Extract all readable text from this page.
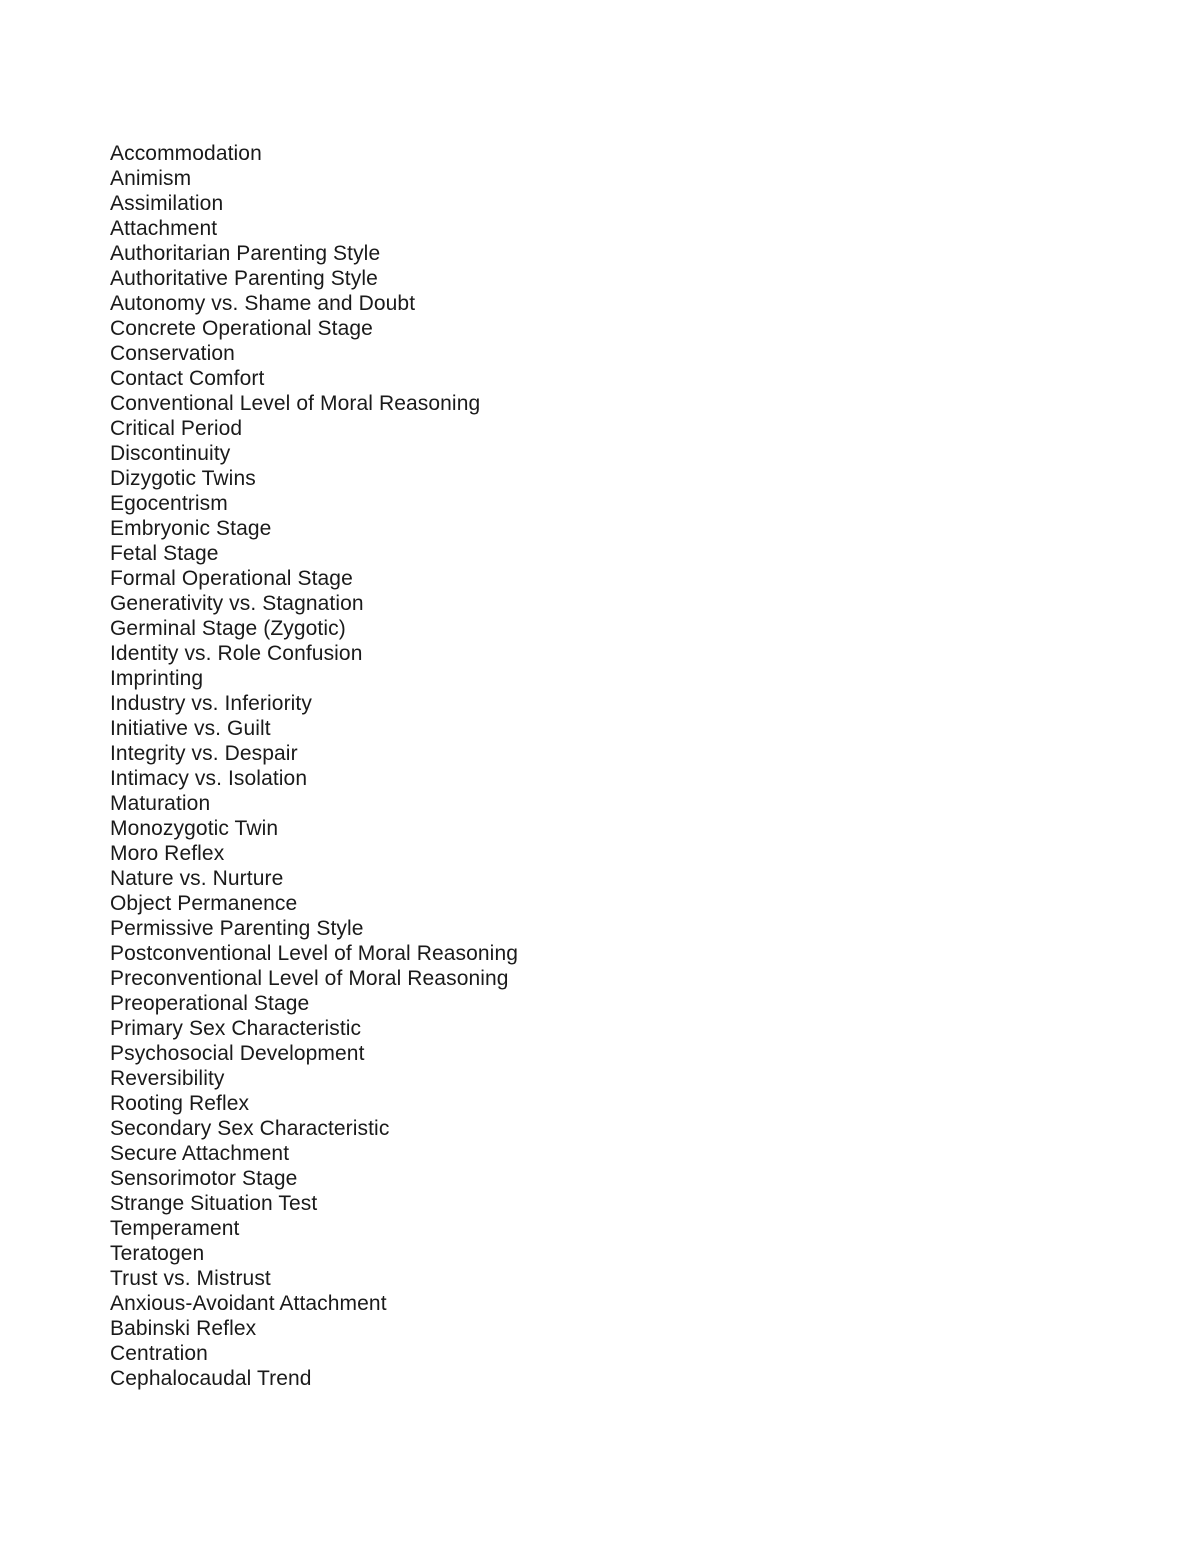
Accommodation
Animism
Assimilation
Attachment
Authoritarian Parenting Style
Authoritative Parenting Style
Autonomy vs. Shame and Doubt
Concrete Operational Stage
Conservation
Contact Comfort
Conventional Level of Moral Reasoning
Critical Period
Discontinuity
Dizygotic Twins
Egocentrism
Embryonic Stage
Fetal Stage
Formal Operational Stage
Generativity vs. Stagnation
Germinal Stage (Zygotic)
Identity vs. Role Confusion
Imprinting
Industry vs. Inferiority
Initiative vs. Guilt
Integrity vs. Despair
Intimacy vs. Isolation
Maturation
Monozygotic Twin
Moro Reflex
Nature vs. Nurture
Object Permanence
Permissive Parenting Style
Postconventional Level of Moral Reasoning
Preconventional Level of Moral Reasoning
Preoperational Stage
Primary Sex Characteristic
Psychosocial Development
Reversibility
Rooting Reflex
Secondary Sex Characteristic
Secure Attachment
Sensorimotor Stage
Strange Situation Test
Temperament
Teratogen
Trust vs. Mistrust
Anxious-Avoidant Attachment
Babinski Reflex
Centration
Cephalocaudal Trend
